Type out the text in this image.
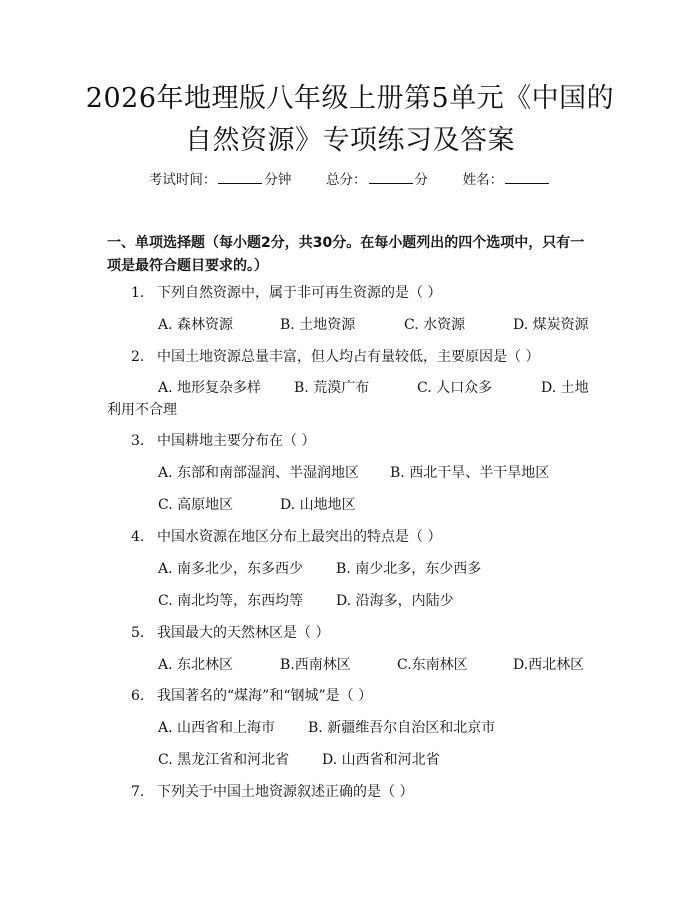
2026年地理版八年级上册第5单元《中国的
自然资源》专项练习及答案
考试时间：	分钟	总分：	分	姓名：
一、单项选择题（每小题2分，共30分。在每小题列出的四个选项中，只有一项是最符合题目要求的。）
1. 下列自然资源中，属于非可再生资源的是（ ）
A. 森林资源	B. 土地资源	C. 水资源	D. 煤炭资源
2. 中国土地资源总量丰富，但人均占有量较低，主要原因是（ ）
A. 地形复杂多样 B. 荒漠广布	C. 人口众多	D. 土地
利用不合理
3. 中国耕地主要分布在（ ）
A. 东部和南部湿润、半湿润地区 B. 西北干旱、半干旱地区
C. 高原地区	D. 山地地区
4. 中国水资源在地区分布上最突出的特点是（ ）
A. 南多北少，东多西少 B. 南少北多，东少西多
C. 南北均等，东西均等 D. 沿海多，内陆少
5. 我国最大的天然林区是（ ）
A. 东北林区	B.西南林区	C.东南林区	D.西北林区
6. 我国著名的“煤海”和“钢城”是（ ）
A. 山西省和上海市 B. 新疆维吾尔自治区和北京市
C. 黑龙江省和河北省 D. 山西省和河北省
7. 下列关于中国土地资源叙述正确的是（ ）
